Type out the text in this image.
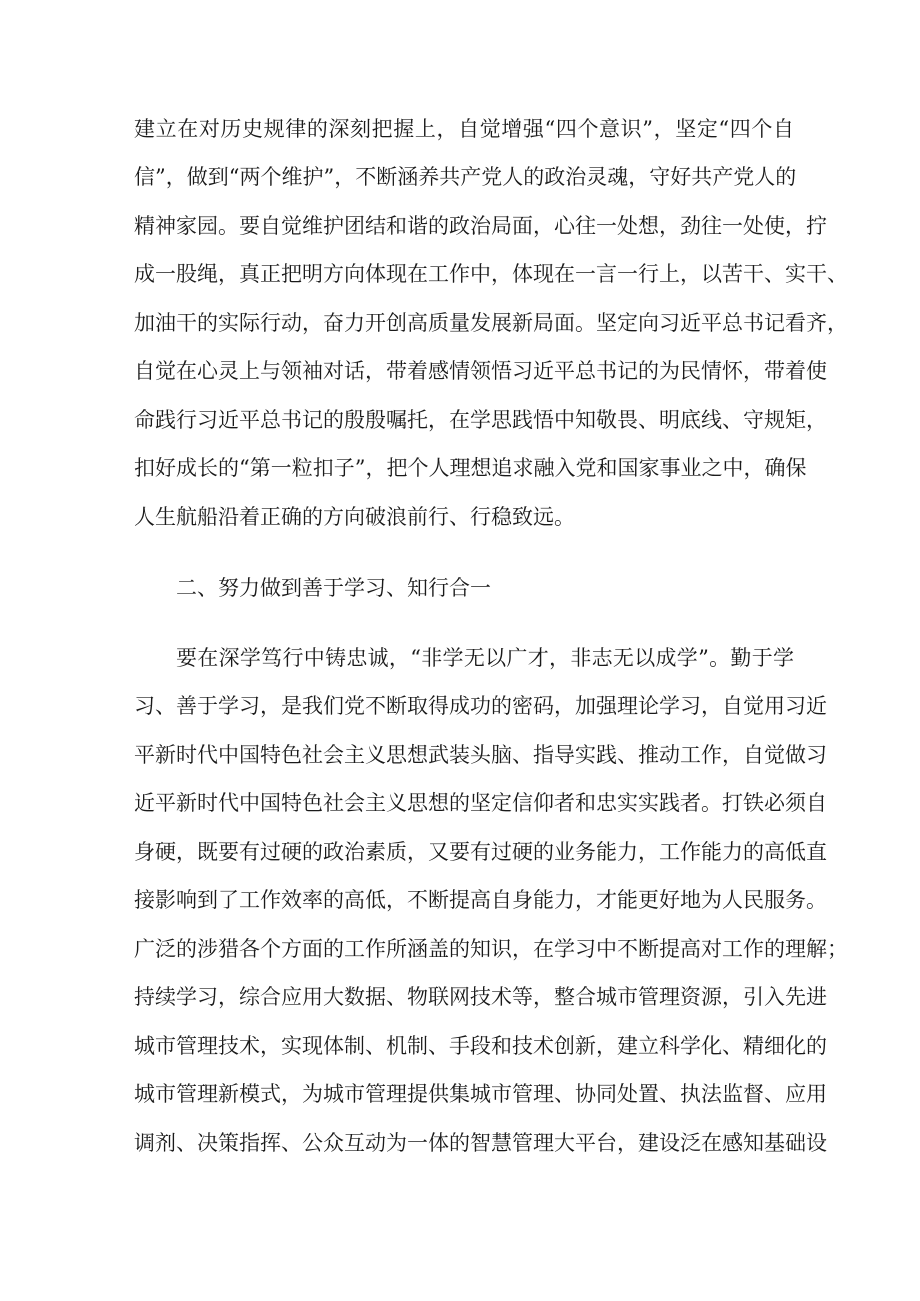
建立在对历史规律的深刻把握上，自觉增强“四个意识”，坚定“四个自
信”，做到“两个维护”，不断涵养共产党人的政治灵魂，守好共产党人的
精神家园。要自觉维护团结和谐的政治局面，心往一处想，劲往一处使，拧
成一股绳，真正把明方向体现在工作中，体现在一言一行上，以苦干、实干、
加油干的实际行动，奋力开创高质量发展新局面。坚定向习近平总书记看齐，
自觉在心灵上与领袖对话，带着感情领悟习近平总书记的为民情怀，带着使
命践行习近平总书记的殷殷嘱托，在学思践悟中知敬畏、明底线、守规矩，
扣好成长的“第一粒扣子”，把个人理想追求融入党和国家事业之中，确保
人生航船沿着正确的方向破浪前行、行稳致远。
二、努力做到善于学习、知行合一
要在深学笃行中铸忠诚，“非学无以广才，非志无以成学”。勤于学
习、善于学习，是我们党不断取得成功的密码，加强理论学习，自觉用习近
平新时代中国特色社会主义思想武装头脑、指导实践、推动工作，自觉做习
近平新时代中国特色社会主义思想的坚定信仰者和忠实实践者。打铁必须自
身硬，既要有过硬的政治素质，又要有过硬的业务能力，工作能力的高低直
接影响到了工作效率的高低，不断提高自身能力，才能更好地为人民服务。
广泛的涉猎各个方面的工作所涵盖的知识，在学习中不断提高对工作的理解；
持续学习，综合应用大数据、物联网技术等，整合城市管理资源，引入先进
城市管理技术，实现体制、机制、手段和技术创新，建立科学化、精细化的
城市管理新模式，为城市管理提供集城市管理、协同处置、执法监督、应用
调剂、决策指挥、公众互动为一体的智慧管理大平台，建设泛在感知基础设
